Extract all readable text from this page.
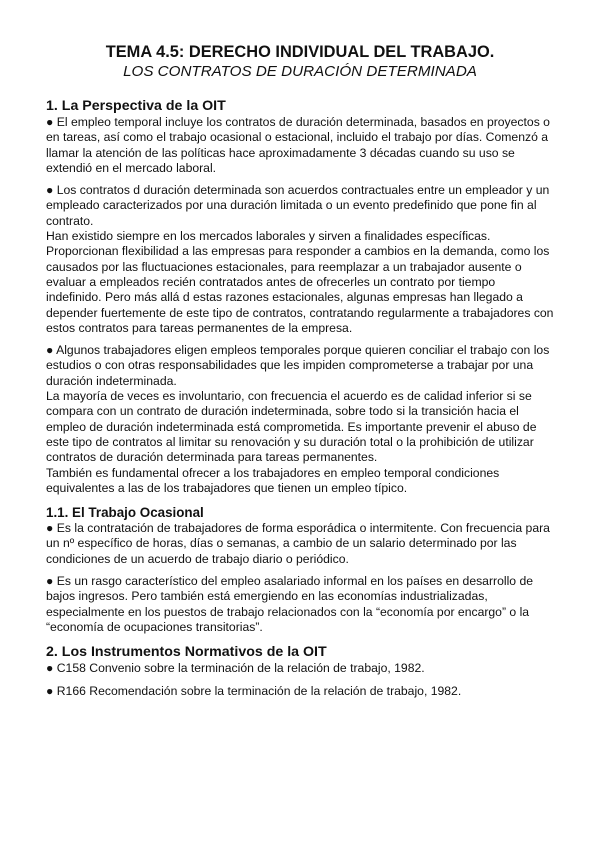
TEMA 4.5: DERECHO INDIVIDUAL DEL TRABAJO.
LOS CONTRATOS DE DURACIÓN DETERMINADA
1. La Perspectiva de la OIT

● El empleo temporal incluye los contratos de duración determinada, basados en proyectos o en tareas, así como el trabajo ocasional o estacional, incluido el trabajo por días. Comenzó a llamar la atención de las políticas hace aproximadamente 3 décadas cuando su uso se extendió en el mercado laboral.

● Los contratos d duración determinada son acuerdos contractuales entre un empleador y un empleado caracterizados por una duración limitada o un evento predefinido que pone fin al contrato.

Han existido siempre en los mercados laborales y sirven a finalidades específicas. Proporcionan flexibilidad a las empresas para responder a cambios en la demanda, como los causados por las fluctuaciones estacionales, para reemplazar a un trabajador ausente o evaluar a empleados recién contratados antes de ofrecerles un contrato por tiempo indefinido. Pero más allá d estas razones estacionales, algunas empresas han llegado a depender fuertemente de este tipo de contratos, contratando regularmente a trabajadores con estos contratos para tareas permanentes de la empresa.

● Algunos trabajadores eligen empleos temporales porque quieren conciliar el trabajo con los estudios o con otras responsabilidades que les impiden comprometerse a trabajar por una duración indeterminada.

La mayoría de veces es involuntario, con frecuencia el acuerdo es de calidad inferior si se compara con un contrato de duración indeterminada, sobre todo si la transición hacia el empleo de duración indeterminada está comprometida. Es importante prevenir el abuso de este tipo de contratos al limitar su renovación y su duración total o la prohibición de utilizar contratos de duración determinada para tareas permanentes.

También es fundamental ofrecer a los trabajadores en empleo temporal condiciones equivalentes a las de los trabajadores que tienen un empleo típico.

1.1. El Trabajo Ocasional

● Es la contratación de trabajadores de forma esporádica o intermitente. Con frecuencia para un nº específico de horas, días o semanas, a cambio de un salario determinado por las condiciones de un acuerdo de trabajo diario o periódico.

● Es un rasgo característico del empleo asalariado informal en los países en desarrollo de bajos ingresos. Pero también está emergiendo en las economías industrializadas, especialmente en los puestos de trabajo relacionados con la “economía por encargo” o la “economía de ocupaciones transitorias”.

2. Los Instrumentos Normativos de la OIT

● C158 Convenio sobre la terminación de la relación de trabajo, 1982.

● R166 Recomendación sobre la terminación de la relación de trabajo, 1982.
